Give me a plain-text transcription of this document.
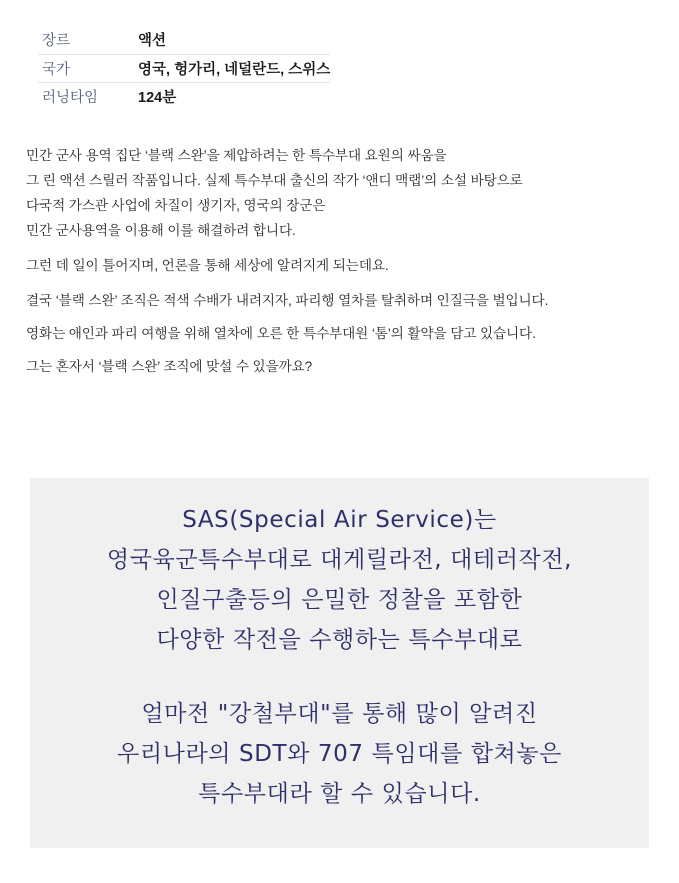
장르	액션
국가	영국, 헝가리, 네덜란드, 스위스
러닝타임	124분

민간 군사 용역 집단 ‘블랙 스완’을 제압하려는 한 특수부대 요원의 싸움을

그 린 액션 스릴러 작품입니다. 실제 특수부대 출신의 작가 ‘앤디 맥랩’의 소설 바탕으로

다국적 가스관 사업에 차질이 생기자, 영국의 장군은

민간 군사용역을 이용해 이를 해결하려 합니다.

그런 데 일이 틀어지며, 언론을 통해 세상에 알려지게 되는데요.

결국 ‘블랙 스완’ 조직은 적색 수배가 내려지자, 파리행 열차를 탈취하며 인질극을 벌입니다.

영화는 애인과 파리 여행을 위해 열차에 오른 한 특수부대원 ‘톰’의 활약을 담고 있습니다.

그는 혼자서 ‘블랙 스완’ 조직에 맞설 수 있을까요?

SAS(Special Air Service)는
영국육군특수부대로 대게릴라전, 대테러작전,
인질구출등의 은밀한 정찰을 포함한
다양한 작전을 수행하는 특수부대로
얼마전 "강철부대"를 통해 많이 알려진
우리나라의 SDT와 707 특임대를 합쳐놓은
특수부대라 할 수 있습니다.
